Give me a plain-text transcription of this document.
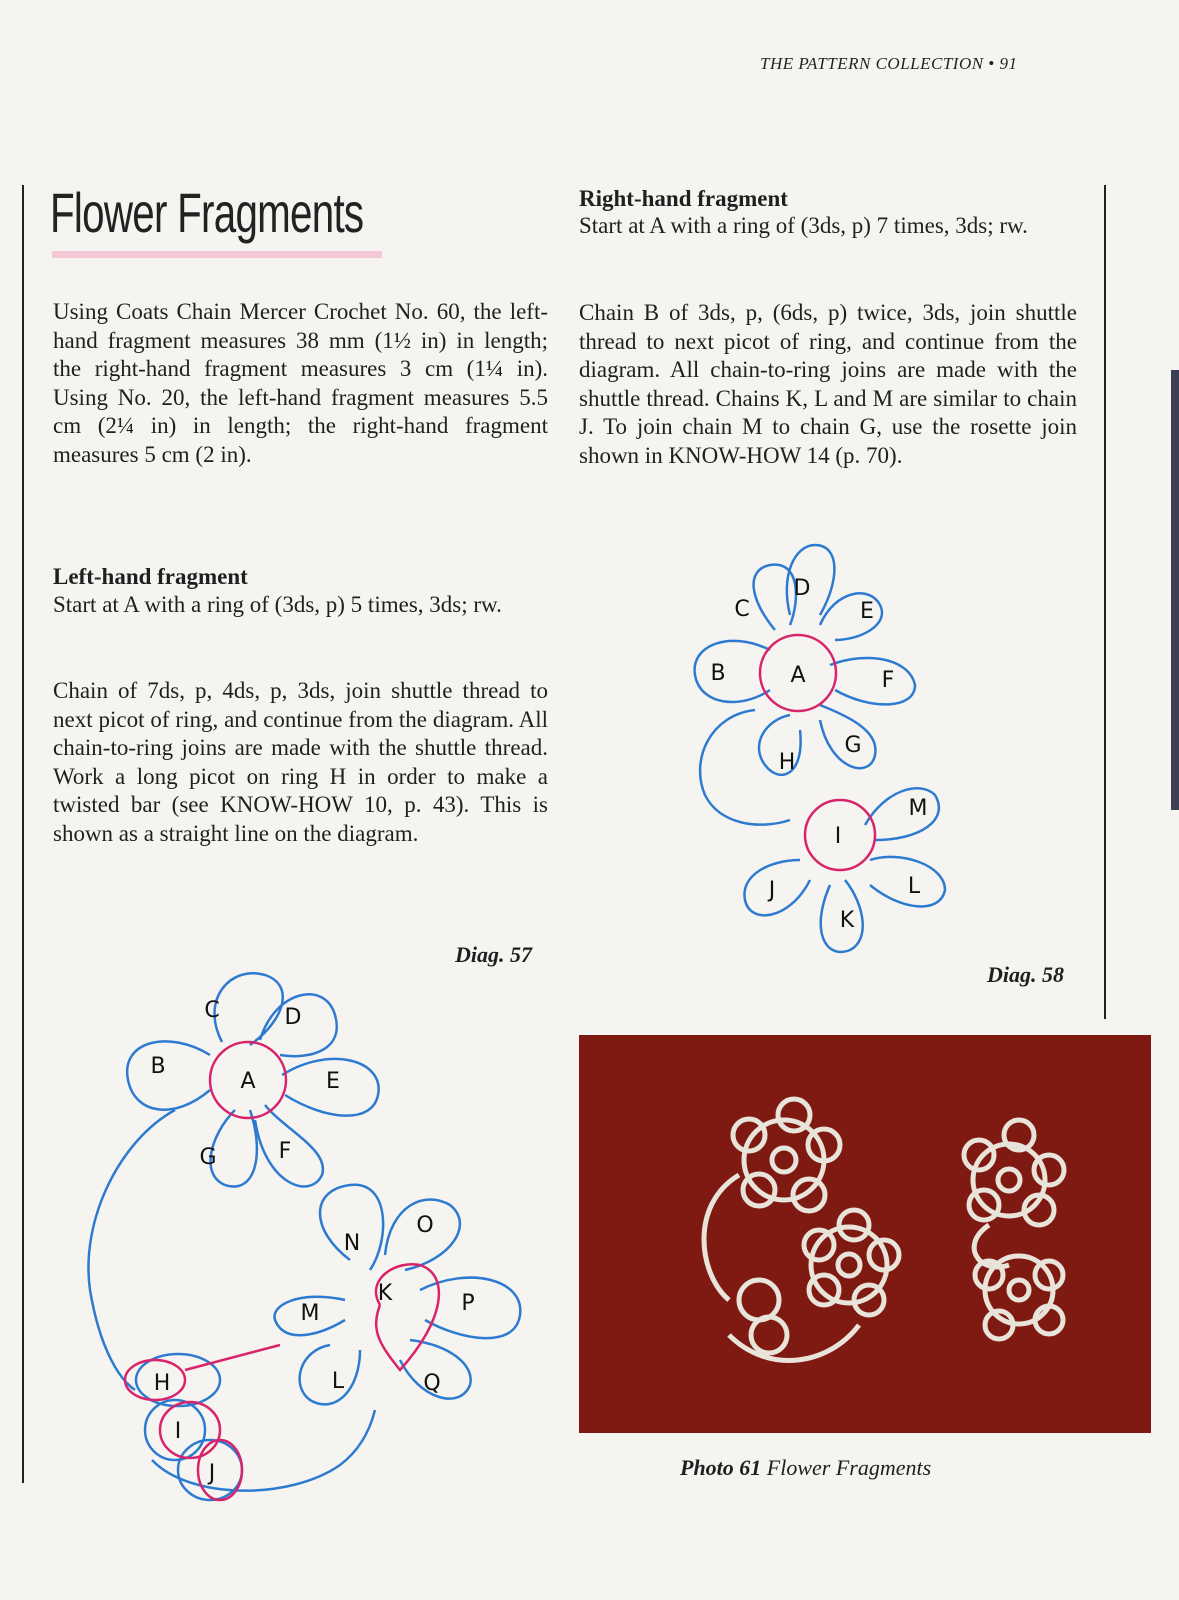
THE PATTERN COLLECTION • 91
Flower Fragments
Using Coats Chain Mercer Crochet No. 60, the left-hand fragment measures 38 mm (1½ in) in length; the right-hand fragment measures 3 cm (1¼ in). Using No. 20, the left-hand fragment measures 5.5 cm (2¼ in) in length; the right-hand fragment measures 5 cm (2 in).
Left-hand fragment
Start at A with a ring of (3ds, p) 5 times, 3ds; rw.
Chain of 7ds, p, 4ds, p, 3ds, join shuttle thread to next picot of ring, and continue from the diagram. All chain-to-ring joins are made with the shuttle thread. Work a long picot on ring H in order to make a twisted bar (see KNOW-HOW 10, p. 43). This is shown as a straight line on the diagram.
Diag. 57
Right-hand fragment
Start at A with a ring of (3ds, p) 7 times, 3ds; rw.
Chain B of 3ds, p, (6ds, p) twice, 3ds, join shuttle thread to next picot of ring, and continue from the diagram. All chain-to-ring joins are made with the shuttle thread. Chains K, L and M are similar to chain J. To join chain M to chain G, use the rosette join shown in KNOW-HOW 14 (p. 70).
Diag. 58
A
B
C	D
E
F
G
H
I
J
K
L
M
N
O
P
Q
A
B
C
D
E
F
G
H
I
J
K
L
M
Photo 61 Flower Fragments
